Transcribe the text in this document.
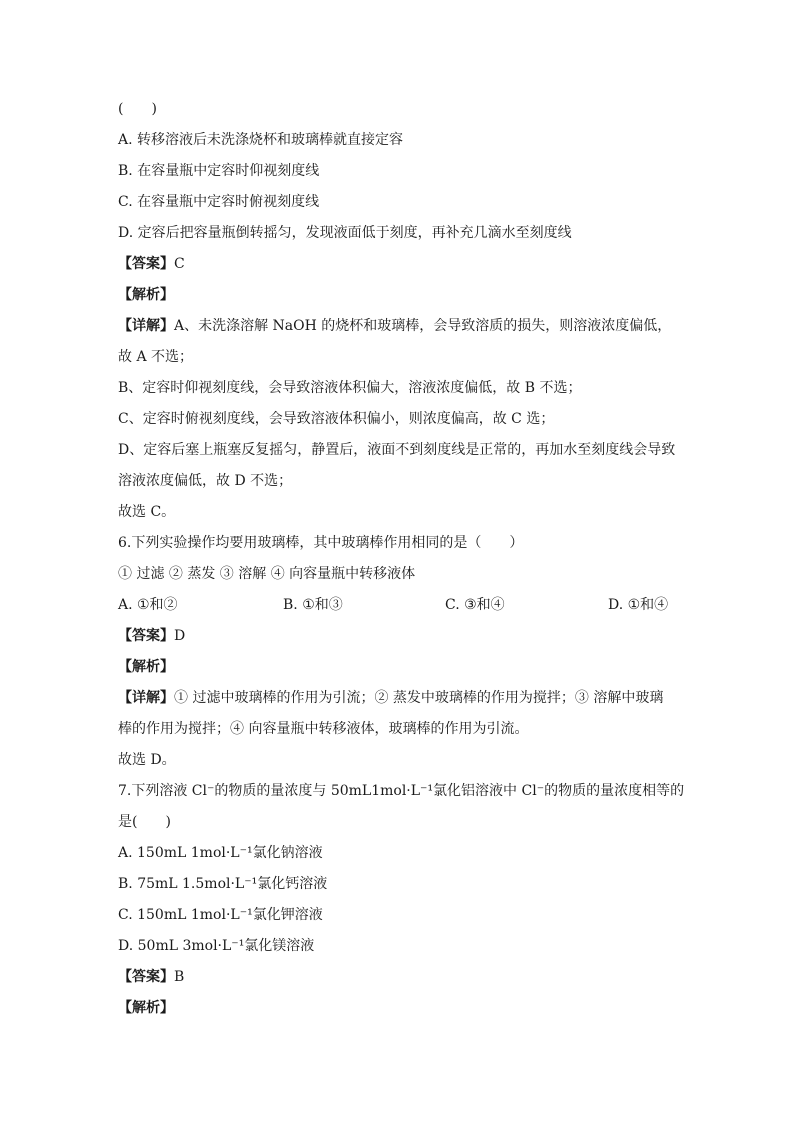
(　　)
A. 转移溶液后未洗涤烧杯和玻璃棒就直接定容
B. 在容量瓶中定容时仰视刻度线
C. 在容量瓶中定容时俯视刻度线
D. 定容后把容量瓶倒转摇匀，发现液面低于刻度，再补充几滴水至刻度线
【答案】C
【解析】
【详解】A、未洗涤溶解 NaOH 的烧杯和玻璃棒，会导致溶质的损失，则溶液浓度偏低，
故 A 不选；
B、定容时仰视刻度线，会导致溶液体积偏大，溶液浓度偏低，故 B 不选；
C、定容时俯视刻度线，会导致溶液体积偏小，则浓度偏高，故 C 选；
D、定容后塞上瓶塞反复摇匀，静置后，液面不到刻度线是正常的，再加水至刻度线会导致
溶液浓度偏低，故 D 不选；
故选 C。
6.下列实验操作均要用玻璃棒，其中玻璃棒作用相同的是（　　）
① 过滤 ② 蒸发 ③ 溶解 ④ 向容量瓶中转移液体
A. ①和②	B. ①和③	C. ③和④	D. ①和④
【答案】D
【解析】
【详解】① 过滤中玻璃棒的作用为引流；② 蒸发中玻璃棒的作用为搅拌；③ 溶解中玻璃
棒的作用为搅拌；④ 向容量瓶中转移液体，玻璃棒的作用为引流。
故选 D。
7.下列溶液 Cl⁻的物质的量浓度与 50mL1mol·L⁻¹氯化铝溶液中 Cl⁻的物质的量浓度相等的
是(　　)
A. 150mL 1mol·L⁻¹氯化钠溶液
B. 75mL 1.5mol·L⁻¹氯化钙溶液
C. 150mL 1mol·L⁻¹氯化钾溶液
D. 50mL 3mol·L⁻¹氯化镁溶液
【答案】B
【解析】
